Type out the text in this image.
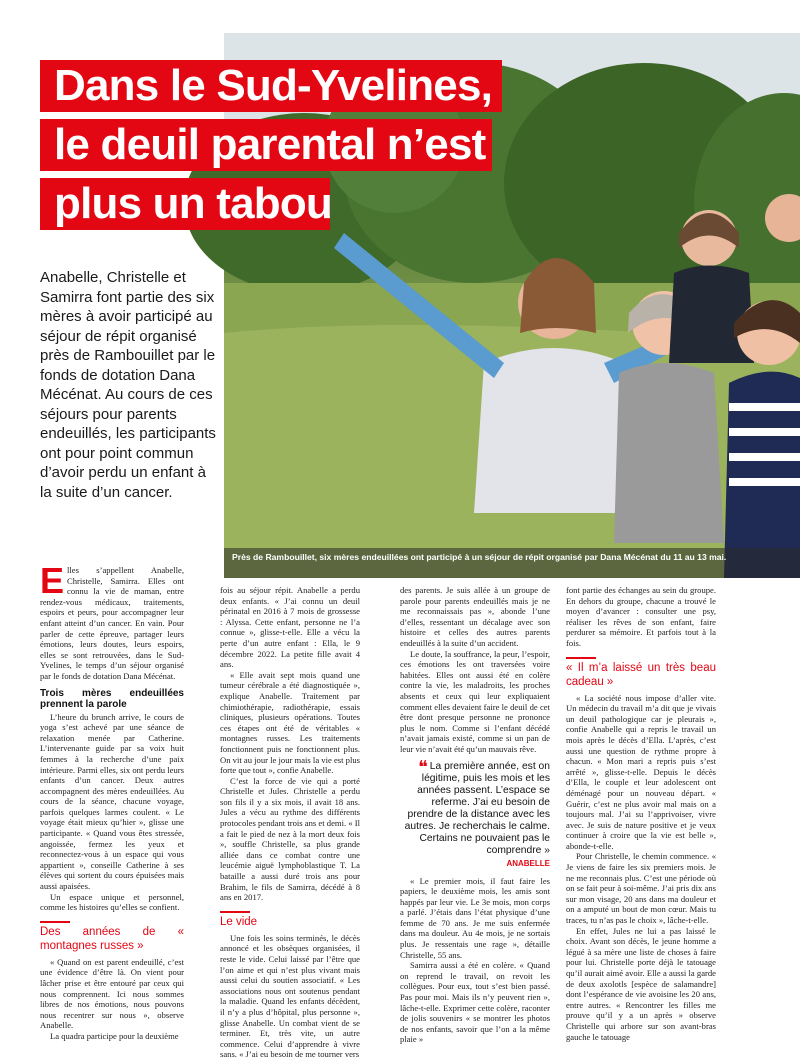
Près de Rambouillet, six mères endeuillées ont participé à un séjour de répit organisé par Dana Mécénat du 11 au 13 mai.
Dans le Sud-Yvelines,
le deuil parental n’est
plus un tabou
Anabelle, Christelle et Samirra font partie des six mères à avoir participé au séjour de répit organisé près de Rambouillet par le fonds de dotation Dana Mécénat. Au cours de ces séjours pour parents endeuillés, les participants ont pour point commun d’avoir perdu un enfant à la suite d’un cancer.

Elles s’appellent Anabelle, Christelle, Samirra. Elles ont connu la vie de maman, entre rendez-vous médicaux, traitements, espoirs et peurs, pour accompagner leur enfant atteint d’un cancer. En vain. Pour parler de cette épreuve, partager leurs émotions, leurs doutes, leurs espoirs, elles se sont retrouvées, dans le Sud-Yvelines, le temps d’un séjour organisé par le fonds de dotation Dana Mécénat.

Trois mères endeuillées prennent la parole

L’heure du brunch arrive, le cours de yoga s’est achevé par une séance de relaxation menée par Catherine. L’intervenante guide par sa voix huit femmes à la recherche d’une paix intérieure. Parmi elles, six ont perdu leurs enfants d’un cancer. Deux autres accompagnent des mères endeuillées. Au cours de la séance, chacune voyage, parfois quelques larmes coulent. « Le voyage était mieux qu’hier », glisse une participante. « Quand vous êtes stressée, angoissée, fermez les yeux et reconnectez-vous à un espace qui vous appartient », conseille Catherine à ses élèves qui sortent du cours épuisées mais aussi apaisées.

Un espace unique et personnel, comme les histoires qu’elles se confient.

Des années de « montagnes russes »

« Quand on est parent endeuillé, c’est une évidence d’être là. On vient pour lâcher prise et être entouré par ceux qui nous comprennent. Ici nous sommes libres de nos émotions, nous pouvons nous recentrer sur nous », observe Anabelle.

La quadra participe pour la deuxième

fois au séjour répit. Anabelle a perdu deux enfants. « J’ai connu un deuil périnatal en 2016 à 7 mois de grossesse : Alyssa. Cette enfant, personne ne l’a connue », glisse-t-elle. Elle a vécu la perte d’un autre enfant : Ella, le 9 décembre 2022. La petite fille avait 4 ans.

« Elle avait sept mois quand une tumeur cérébrale a été diagnostiquée », explique Anabelle. Traitement par chimiothérapie, radiothérapie, essais cliniques, plusieurs opérations. Toutes ces étapes ont été de véritables « montagnes russes. Les traitements fonctionnent puis ne fonctionnent plus. On vit au jour le jour mais la vie est plus forte que tout », confie Anabelle.

C’est la force de vie qui a porté Christelle et Jules. Christelle a perdu son fils il y a six mois, il avait 18 ans. Jules a vécu au rythme des différents protocoles pendant trois ans et demi. « Il a fait le pied de nez à la mort deux fois », souffle Christelle, sa plus grande alliée dans ce combat contre une leucémie aiguë lymphoblastique T. La bataille a aussi duré trois ans pour Brahim, le fils de Samirra, décédé à 8 ans en 2017.

Le vide

Une fois les soins terminés, le décès annoncé et les obsèques organisées, il reste le vide. Celui laissé par l’être que l’on aime et qui n’est plus vivant mais aussi celui du soutien associatif. « Les associations nous ont soutenus pendant la maladie. Quand les enfants décèdent, il n’y a plus d’hôpital, plus personne », glisse Anabelle. Un combat vient de se terminer. Et, très vite, un autre commence. Celui d’apprendre à vivre sans. « J’ai eu besoin de me tourner vers

des parents. Je suis allée à un groupe de parole pour parents endeuillés mais je ne me reconnaissais pas », abonde l’une d’elles, ressentant un décalage avec son histoire et celles des autres parents endeuillés à la suite d’un accident.

Le doute, la souffrance, la peur, l’espoir, ces émotions les ont traversées voire habitées. Elles ont aussi été en colère contre la vie, les maladroits, les proches absents et ceux qui leur expliquaient comment elles devaient faire le deuil de cet être dont presque personne ne prononce plus le nom. Comme si l’enfant décédé n’avait jamais existé, comme si un pan de leur vie n’avait été qu’un mauvais rêve.

❝ La première année, est on légitime, puis les mois et les années passent. L’espace se referme. J’ai eu besoin de prendre de la distance avec les autres. Je recherchais le calme. Certains ne pouvaient pas le comprendre »
ANABELLE

« Le premier mois, il faut faire les papiers, le deuxième mois, les amis sont happés par leur vie. Le 3e mois, mon corps a parlé. J’étais dans l’état physique d’une femme de 70 ans. Je me suis enfermée dans ma douleur. Au 4e mois, je ne sortais plus. Je ressentais une rage », détaille Christelle, 55 ans.

Samirra aussi a été en colère. « Quand on reprend le travail, on revoit les collègues. Pour eux, tout s’est bien passé. Pas pour moi. Mais ils n’y peuvent rien », lâche-t-elle. Exprimer cette colère, raconter de jolis souvenirs « se montrer les photos de nos enfants, savoir que l’on a la même plaie »

font partie des échanges au sein du groupe. En dehors du groupe, chacune a trouvé le moyen d’avancer : consulter une psy, réaliser les rêves de son enfant, faire perdurer sa mémoire. Et parfois tout à la fois.

« Il m’a laissé un très beau cadeau »

« La société nous impose d’aller vite. Un médecin du travail m’a dit que je vivais un deuil pathologique car je pleurais », confie Anabelle qui a repris le travail un mois après le décès d’Ella. L’après, c’est aussi une question de rythme propre à chacun. « Mon mari a repris puis s’est arrêté », glisse-t-elle. Depuis le décès d’Ella, le couple et leur adolescent ont déménagé pour un nouveau départ. « Guérir, c’est ne plus avoir mal mais on a toujours mal. J’ai su l’apprivoiser, vivre avec. Je suis de nature positive et je veux continuer à croire que la vie est belle », abonde-t-elle.

Pour Christelle, le chemin commence. « Je viens de faire les six premiers mois. Je ne me reconnais plus. C’est une période où on se fait peur à soi-même. J’ai pris dix ans sur mon visage, 20 ans dans ma douleur et on a amputé un bout de mon cœur. Mais tu traces, tu n’as pas le choix », lâche-t-elle.

En effet, Jules ne lui a pas laissé le choix. Avant son décès, le jeune homme a légué à sa mère une liste de choses à faire pour lui. Christelle porte déjà le tatouage qu’il aurait aimé avoir. Elle a aussi la garde de deux axolotls [espèce de salamandre] dont l’espérance de vie avoisine les 20 ans, entre autres. « Rencontrer les filles me prouve qu’il y a un après » observe Christelle qui arbore sur son avant-bras gauche le tatouage
